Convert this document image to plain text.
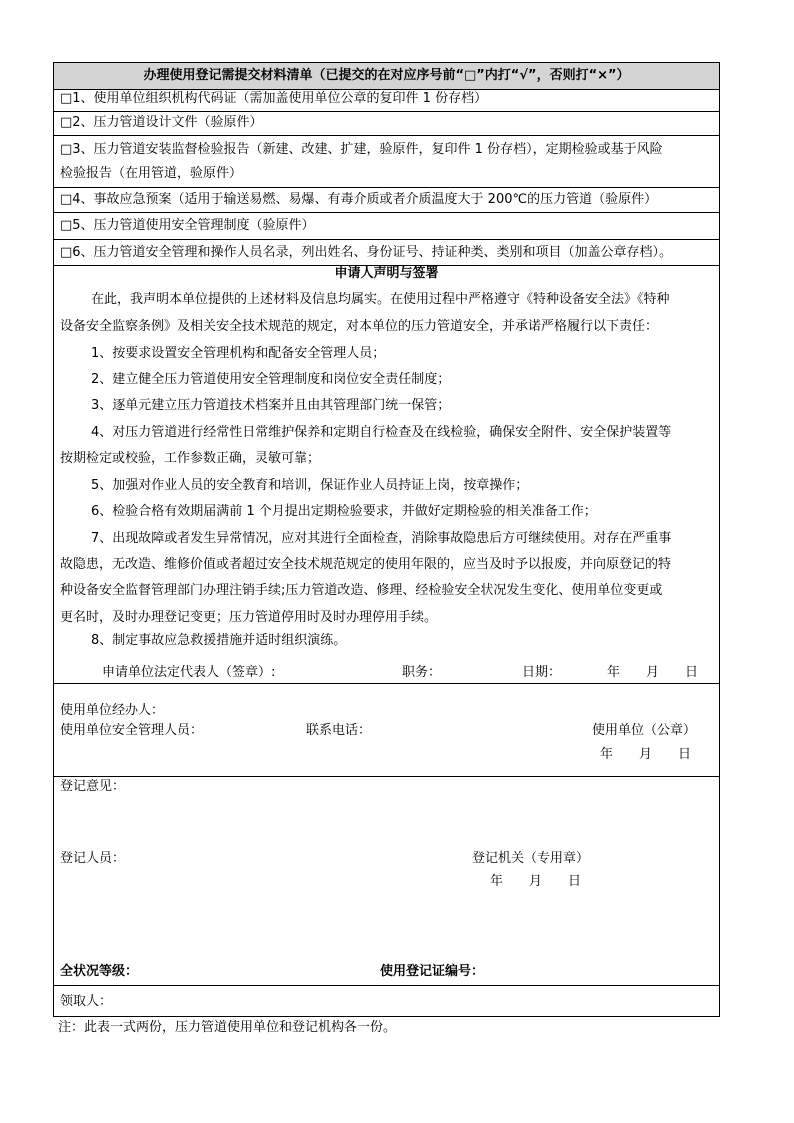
办理使用登记需提交材料清单（已提交的在对应序号前“□”内打“√”，否则打“×”）
□1、使用单位组织机构代码证（需加盖使用单位公章的复印件 1 份存档）
□2、压力管道设计文件（验原件）
□3、压力管道安装监督检验报告（新建、改建、扩建，验原件，复印件 1 份存档），定期检验或基于风险
检验报告（在用管道，验原件）
□4、事故应急预案（适用于输送易燃、易爆、有毒介质或者介质温度大于 200℃的压力管道（验原件）
□5、压力管道使用安全管理制度（验原件）
□6、压力管道安全管理和操作人员名录，列出姓名、身份证号、持证种类、类别和项目（加盖公章存档）。
申请人声明与签署
在此，我声明本单位提供的上述材料及信息均属实。在使用过程中严格遵守《特种设备安全法》《特种
设备安全监察条例》及相关安全技术规范的规定，对本单位的压力管道安全，并承诺严格履行以下责任：
1、按要求设置安全管理机构和配备安全管理人员；
2、建立健全压力管道使用安全管理制度和岗位安全责任制度；
3、逐单元建立压力管道技术档案并且由其管理部门统一保管；
4、对压力管道进行经常性日常维护保养和定期自行检查及在线检验，确保安全附件、安全保护装置等
按期检定或校验，工作参数正确，灵敏可靠；
5、加强对作业人员的安全教育和培训，保证作业人员持证上岗，按章操作；
6、检验合格有效期届满前 1 个月提出定期检验要求，并做好定期检验的相关准备工作；
7、出现故障或者发生异常情况，应对其进行全面检查，消除事故隐患后方可继续使用。对存在严重事
故隐患，无改造、维修价值或者超过安全技术规范规定的使用年限的，应当及时予以报废，并向原登记的特
种设备安全监督管理部门办理注销手续;压力管道改造、修理、经检验安全状况发生变化、使用单位变更或
更名时，及时办理登记变更；压力管道停用时及时办理停用手续。
8、制定事故应急救援措施并适时组织演练。
申请单位法定代表人（签章）:	职务：	日期：	年　　月　　日
使用单位经办人：
使用单位安全管理人员：	联系电话：	使用单位（公章）
年　　月　　日
登记意见：
登记人员：	登记机关（专用章）
年　　月　　日
全状况等级：	使用登记证编号：
领取人：
注：此表一式两份，压力管道使用单位和登记机构各一份。
